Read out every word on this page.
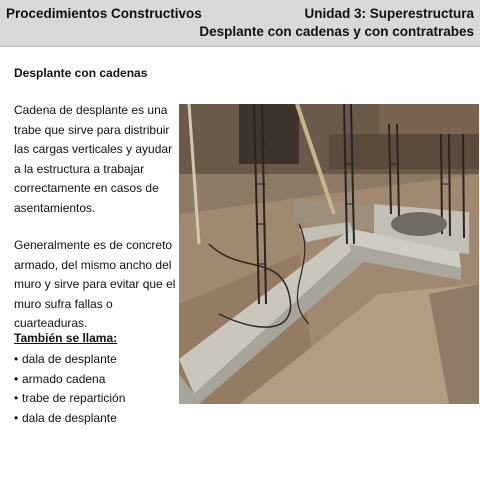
Procedimientos Constructivos	Unidad 3: Superestructura
Desplante con cadenas y con contratrabes
Desplante con cadenas
Cadena de desplante es una trabe que sirve para distribuir las cargas verticales y ayudar a la estructura a trabajar correctamente en casos de asentamientos.
Generalmente es de concreto armado, del mismo ancho del muro y sirve para evitar que el muro sufra fallas o cuarteaduras.
También se llama:
• dala de desplante
• armado cadena
• trabe de repartición
• dala de desplante
